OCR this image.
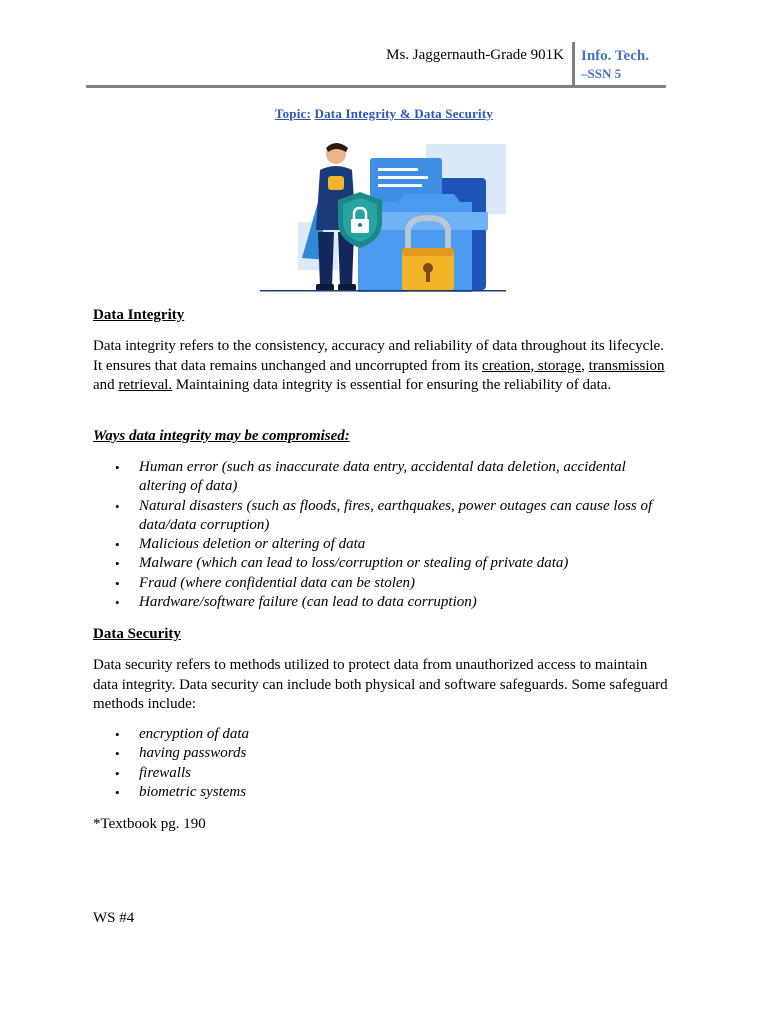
Ms. Jaggernauth-Grade 901K Info. Tech.
–SSN 5
Topic: Data Integrity & Data Security
Data Integrity
Data integrity refers to the consistency, accuracy and reliability of data throughout its lifecycle. It ensures that data remains unchanged and uncorrupted from its creation, storage, transmission and retrieval. Maintaining data integrity is essential for ensuring the reliability of data.
Ways data integrity may be compromised:
• Human error (such as inaccurate data entry, accidental data deletion, accidental altering of data)
• Natural disasters (such as floods, fires, earthquakes, power outages can cause loss of data/data corruption)
• Malicious deletion or altering of data
• Malware (which can lead to loss/corruption or stealing of private data)
• Fraud (where confidential data can be stolen)
• Hardware/software failure (can lead to data corruption)
Data Security
Data security refers to methods utilized to protect data from unauthorized access to maintain data integrity. Data security can include both physical and software safeguards. Some safeguard methods include:
• encryption of data
• having passwords
• firewalls
• biometric systems
*Textbook pg. 190
WS #4
